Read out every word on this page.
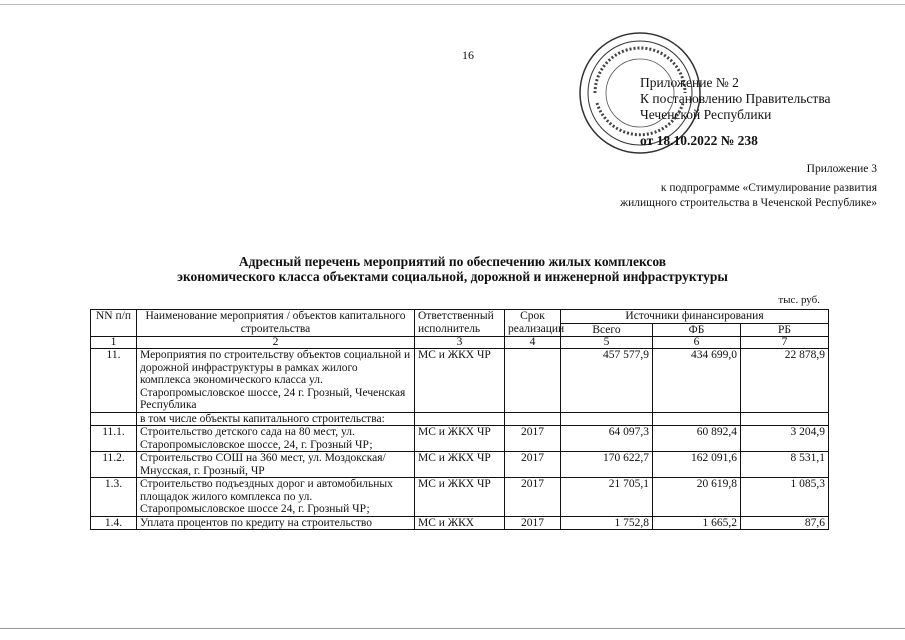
16
Приложение № 2
К постановлению Правительства
Чеченской Республики
от 18.10.2022 № 238
Приложение 3
к подпрограмме «Стимулирование развития
жилищного строительства в Чеченской Республике»
Адресный перечень мероприятий по обеспечению жилых комплексов
экономического класса объектами социальной, дорожной и инженерной инфраструктуры
тыс. руб.
NN п/п	Наименование мероприятия / объектов капитального строительства	Ответственный исполнитель	Срок реализации	Источники финансирования		
				Всего	ФБ	РБ
1	2	3	4	5	6	7
11.	Мероприятия по строительству объектов социальной и дорожной инфраструктуры в рамках жилого комплекса экономического класса ул. Старопромысловское шоссе, 24 г. Грозный, Чеченская Республика	МС и ЖКХ ЧР		457 577,9	434 699,0	22 878,9
	в том числе объекты капитального строительства:					
11.1.	Строительство детского сада на 80 мест, ул. Старопромысловское шоссе, 24, г. Грозный ЧР;	МС и ЖКХ ЧР	2017	64 097,3	60 892,4	3 204,9
11.2.	Строительство СОШ на 360 мест, ул. Моздокская/ Мнусская, г. Грозный, ЧР	МС и ЖКХ ЧР	2017	170 622,7	162 091,6	8 531,1
1.3.	Строительство подъездных дорог и автомобильных площадок жилого комплекса по ул. Старопромысловское шоссе 24, г. Грозный ЧР;	МС и ЖКХ ЧР	2017	21 705,1	20 619,8	1 085,3
1.4.	Уплата процентов по кредиту на строительство	МС и ЖКХ	2017	1 752,8	1 665,2	87,6
